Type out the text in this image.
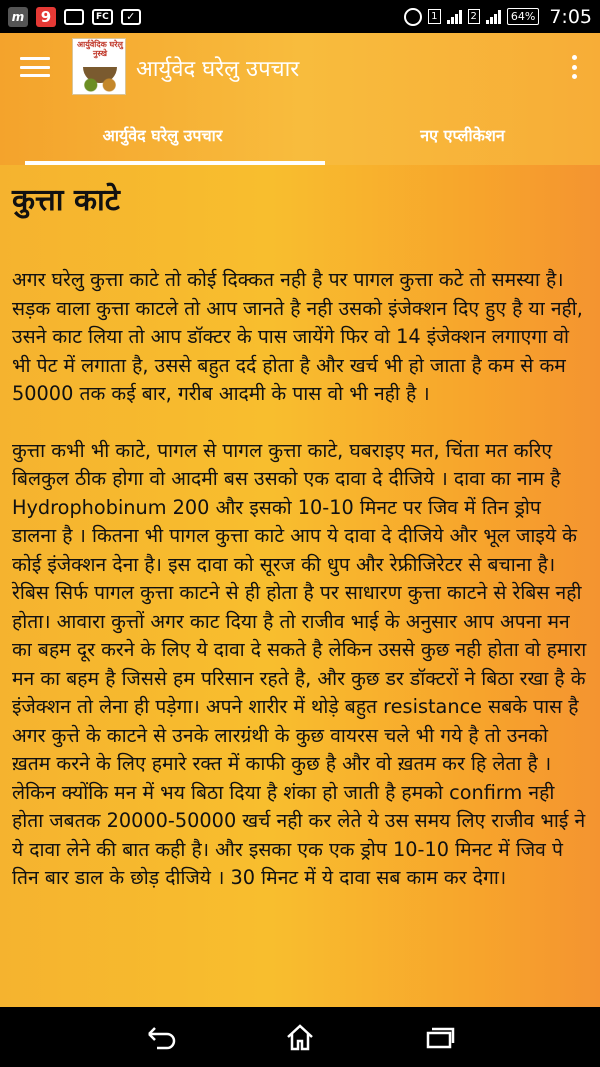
m	9	FC	✓	1	2	64% 7:05
आर्युवेदिक घरेलु नुस्खे
आर्युवेद घरेलु उपचार
आर्युवेद घरेलु उपचार	नए एप्लीकेशन
कुत्ता काटे

अगर घरेलु कुत्ता काटे तो कोई दिक्कत नही है पर पागल कुत्ता कटे तो समस्या है। सड़क वाला कुत्ता काटले तो आप जानते है नही उसको इंजेक्शन दिए हुए है या नही, उसने काट लिया तो आप डॉक्टर के पास जायेंगे फिर वो 14 इंजेक्शन लगाएगा वो भी पेट में लगाता है, उससे बहुत दर्द होता है और खर्च भी हो जाता है कम से कम 50000 तक कई बार, गरीब आदमी के पास वो भी नही है ।

कुत्ता कभी भी काटे, पागल से पागल कुत्ता काटे, घबराइए मत, चिंता मत करिए बिलकुल ठीक होगा वो आदमी बस उसको एक दावा दे दीजिये । दावा का नाम है Hydrophobinum 200 और इसको 10-10 मिनट पर जिव में तिन ड्रोप डालना है । कितना भी पागल कुत्ता काटे आप ये दावा दे दीजिये और भूल जाइये के कोई इंजेक्शन देना है। इस दावा को सूरज की धुप और रेफ्रीजिरेटर से बचाना है। रेबिस सिर्फ पागल कुत्ता काटने से ही होता है पर साधारण कुत्ता काटने से रेबिस नही होता। आवारा कुत्तों अगर काट दिया है तो राजीव भाई के अनुसार आप अपना मन का बहम दूर करने के लिए ये दावा दे सकते है लेकिन उससे कुछ नही होता वो हमारा मन का बहम है जिससे हम परिसान रहते है, और कुछ डर डॉक्टरों ने बिठा रखा है के इंजेक्शन तो लेना ही पड़ेगा। अपने शारीर में थोड़े बहुत resistance सबके पास है अगर कुत्ते के काटने से उनके लारग्रंथी के कुछ वायरस चले भी गये है तो उनको ख़तम करने के लिए हमारे रक्त में काफी कुछ है और वो ख़तम कर हि लेता है । लेकिन क्योंकि मन में भय बिठा दिया है शंका हो जाती है हमको confirm नही होता जबतक 20000-50000 खर्च नही कर लेते ये उस समय लिए राजीव भाई ने ये दावा लेने की बात कही है। और इसका एक एक ड्रोप 10-10 मिनट में जिव पे तिन बार डाल के छोड़ दीजिये । 30 मिनट में ये दावा सब काम कर देगा।
